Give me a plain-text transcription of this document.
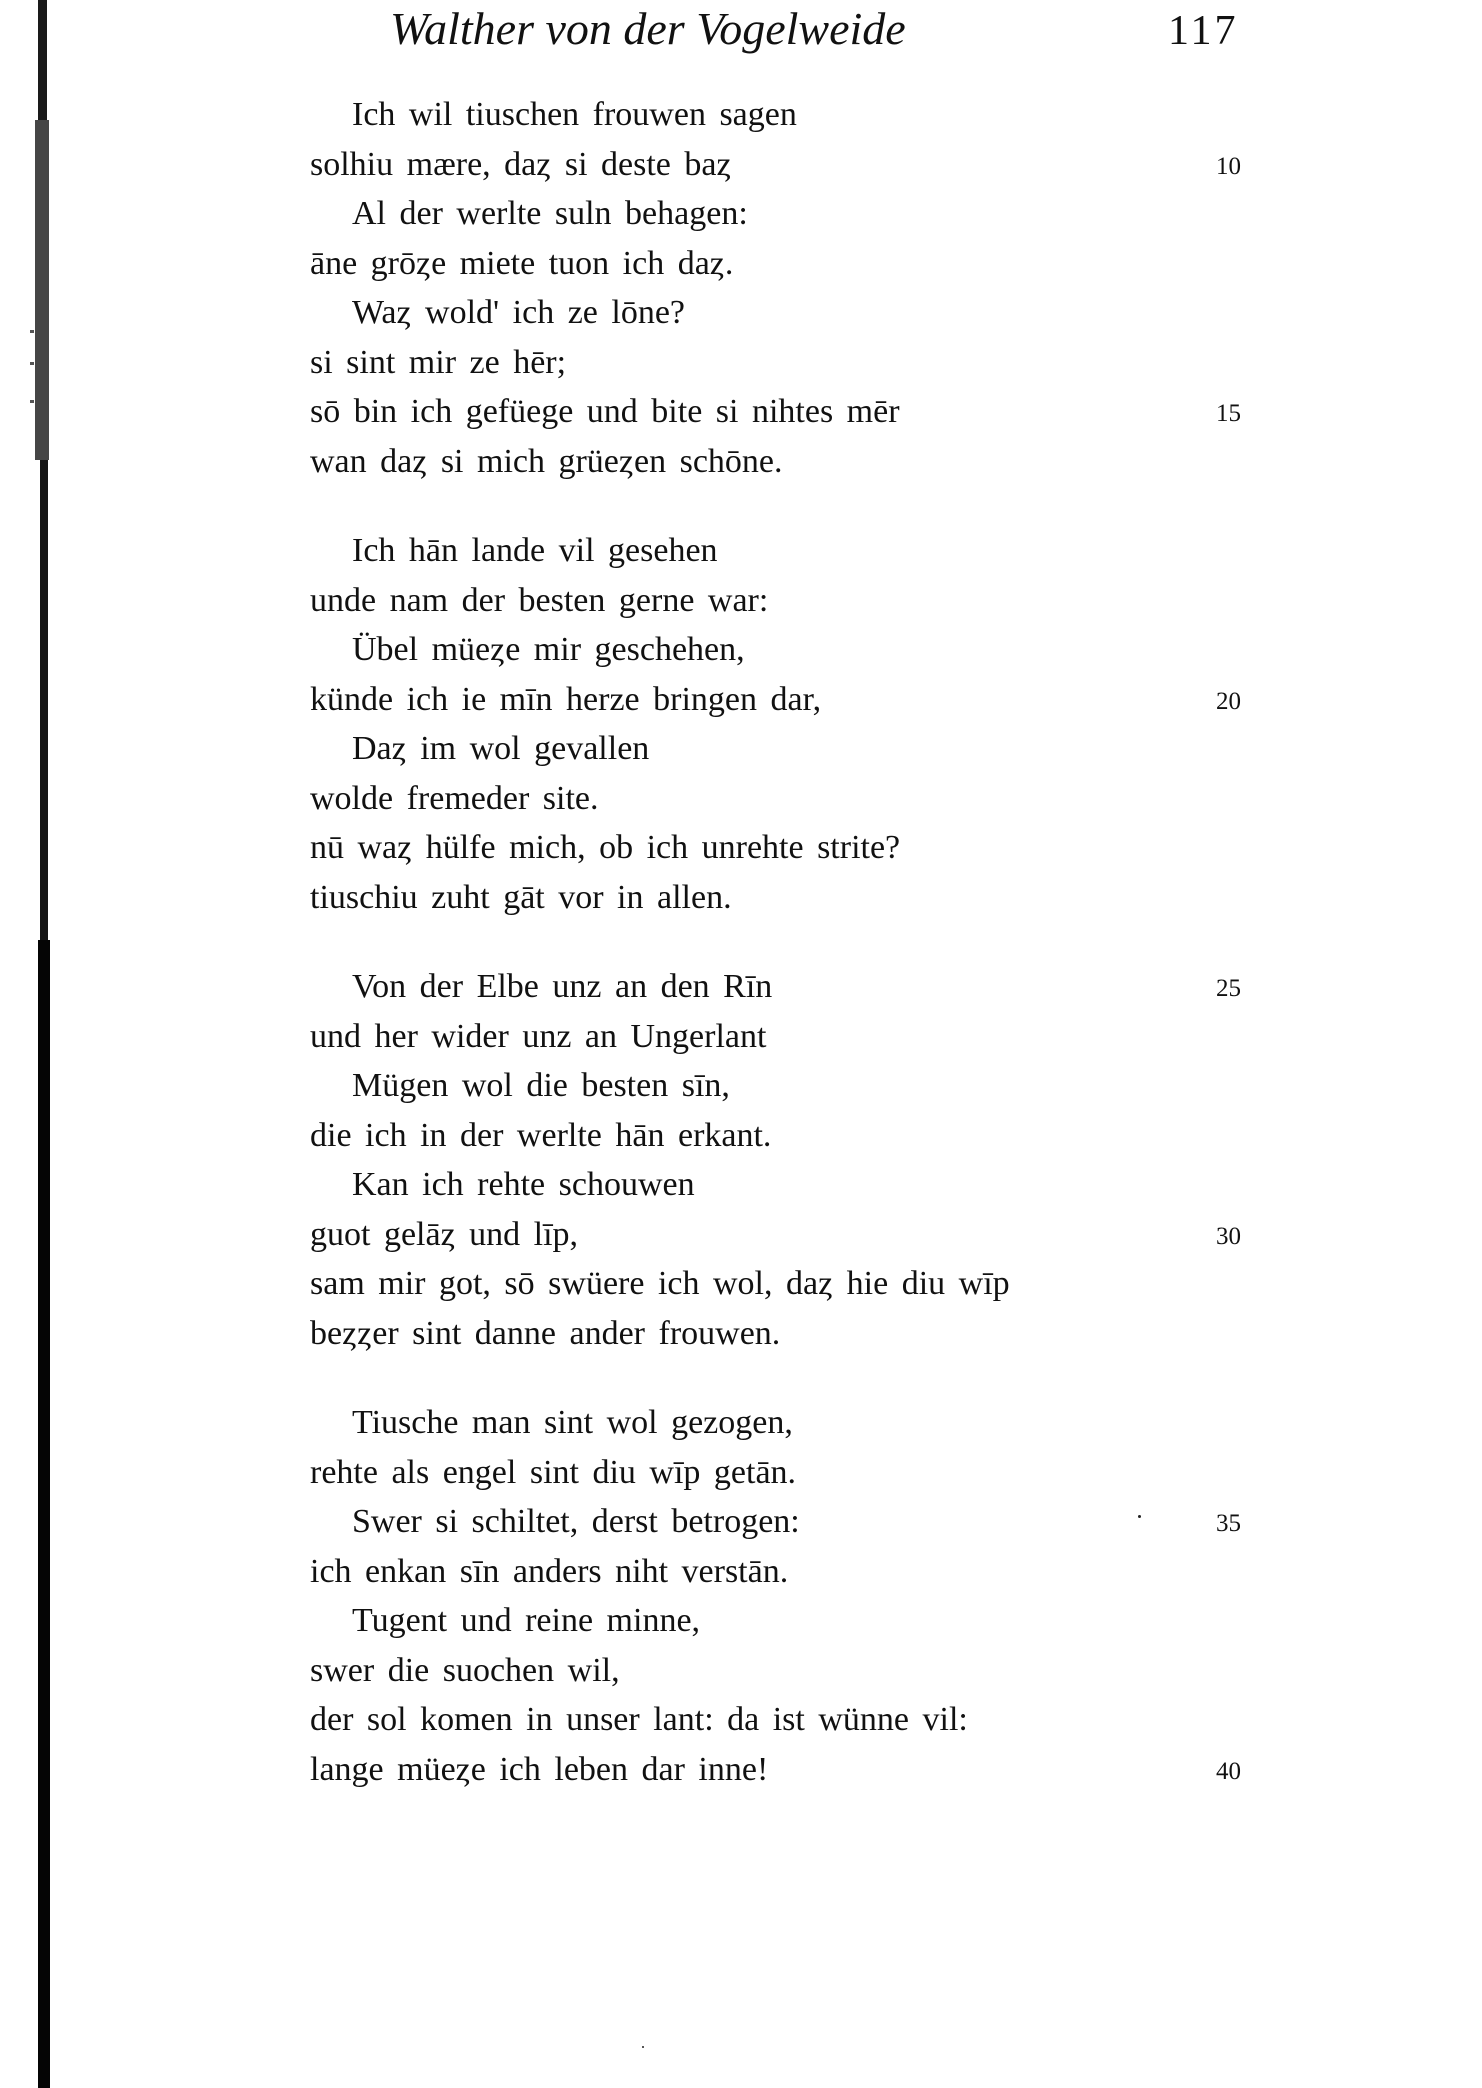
Walther von der Vogelweide	117
Ich wil tiuschen frouwen sagen
solhiu mære, daȥ si deste baȥ	10
Al der werlte suln behagen:
āne grōȥe miete tuon ich daȥ.
Waȥ wold' ich ze lōne?
si sint mir ze hēr;
sō bin ich gefüege und bite si nihtes mēr	15
wan daȥ si mich grüeȥen schōne.
Ich hān lande vil gesehen
unde nam der besten gerne war:
Übel müeȥe mir geschehen,
künde ich ie mīn herze bringen dar,	20
Daȥ im wol gevallen
wolde fremeder site.
nū waȥ hülfe mich, ob ich unrehte strite?
tiuschiu zuht gāt vor in allen.
Von der Elbe unz an den Rīn	25
und her wider unz an Ungerlant
Mügen wol die besten sīn,
die ich in der werlte hān erkant.
Kan ich rehte schouwen
guot gelāȥ und līp,	30
sam mir got, sō swüere ich wol, daȥ hie diu wīp
beȥȥer sint danne ander frouwen.
Tiusche man sint wol gezogen,
rehte als engel sint diu wīp getān.
Swer si schiltet, derst betrogen:	35
ich enkan sīn anders niht verstān.
Tugent und reine minne,
swer die suochen wil,
der sol komen in unser lant: da ist wünne vil:
lange müeȥe ich leben dar inne!	40
